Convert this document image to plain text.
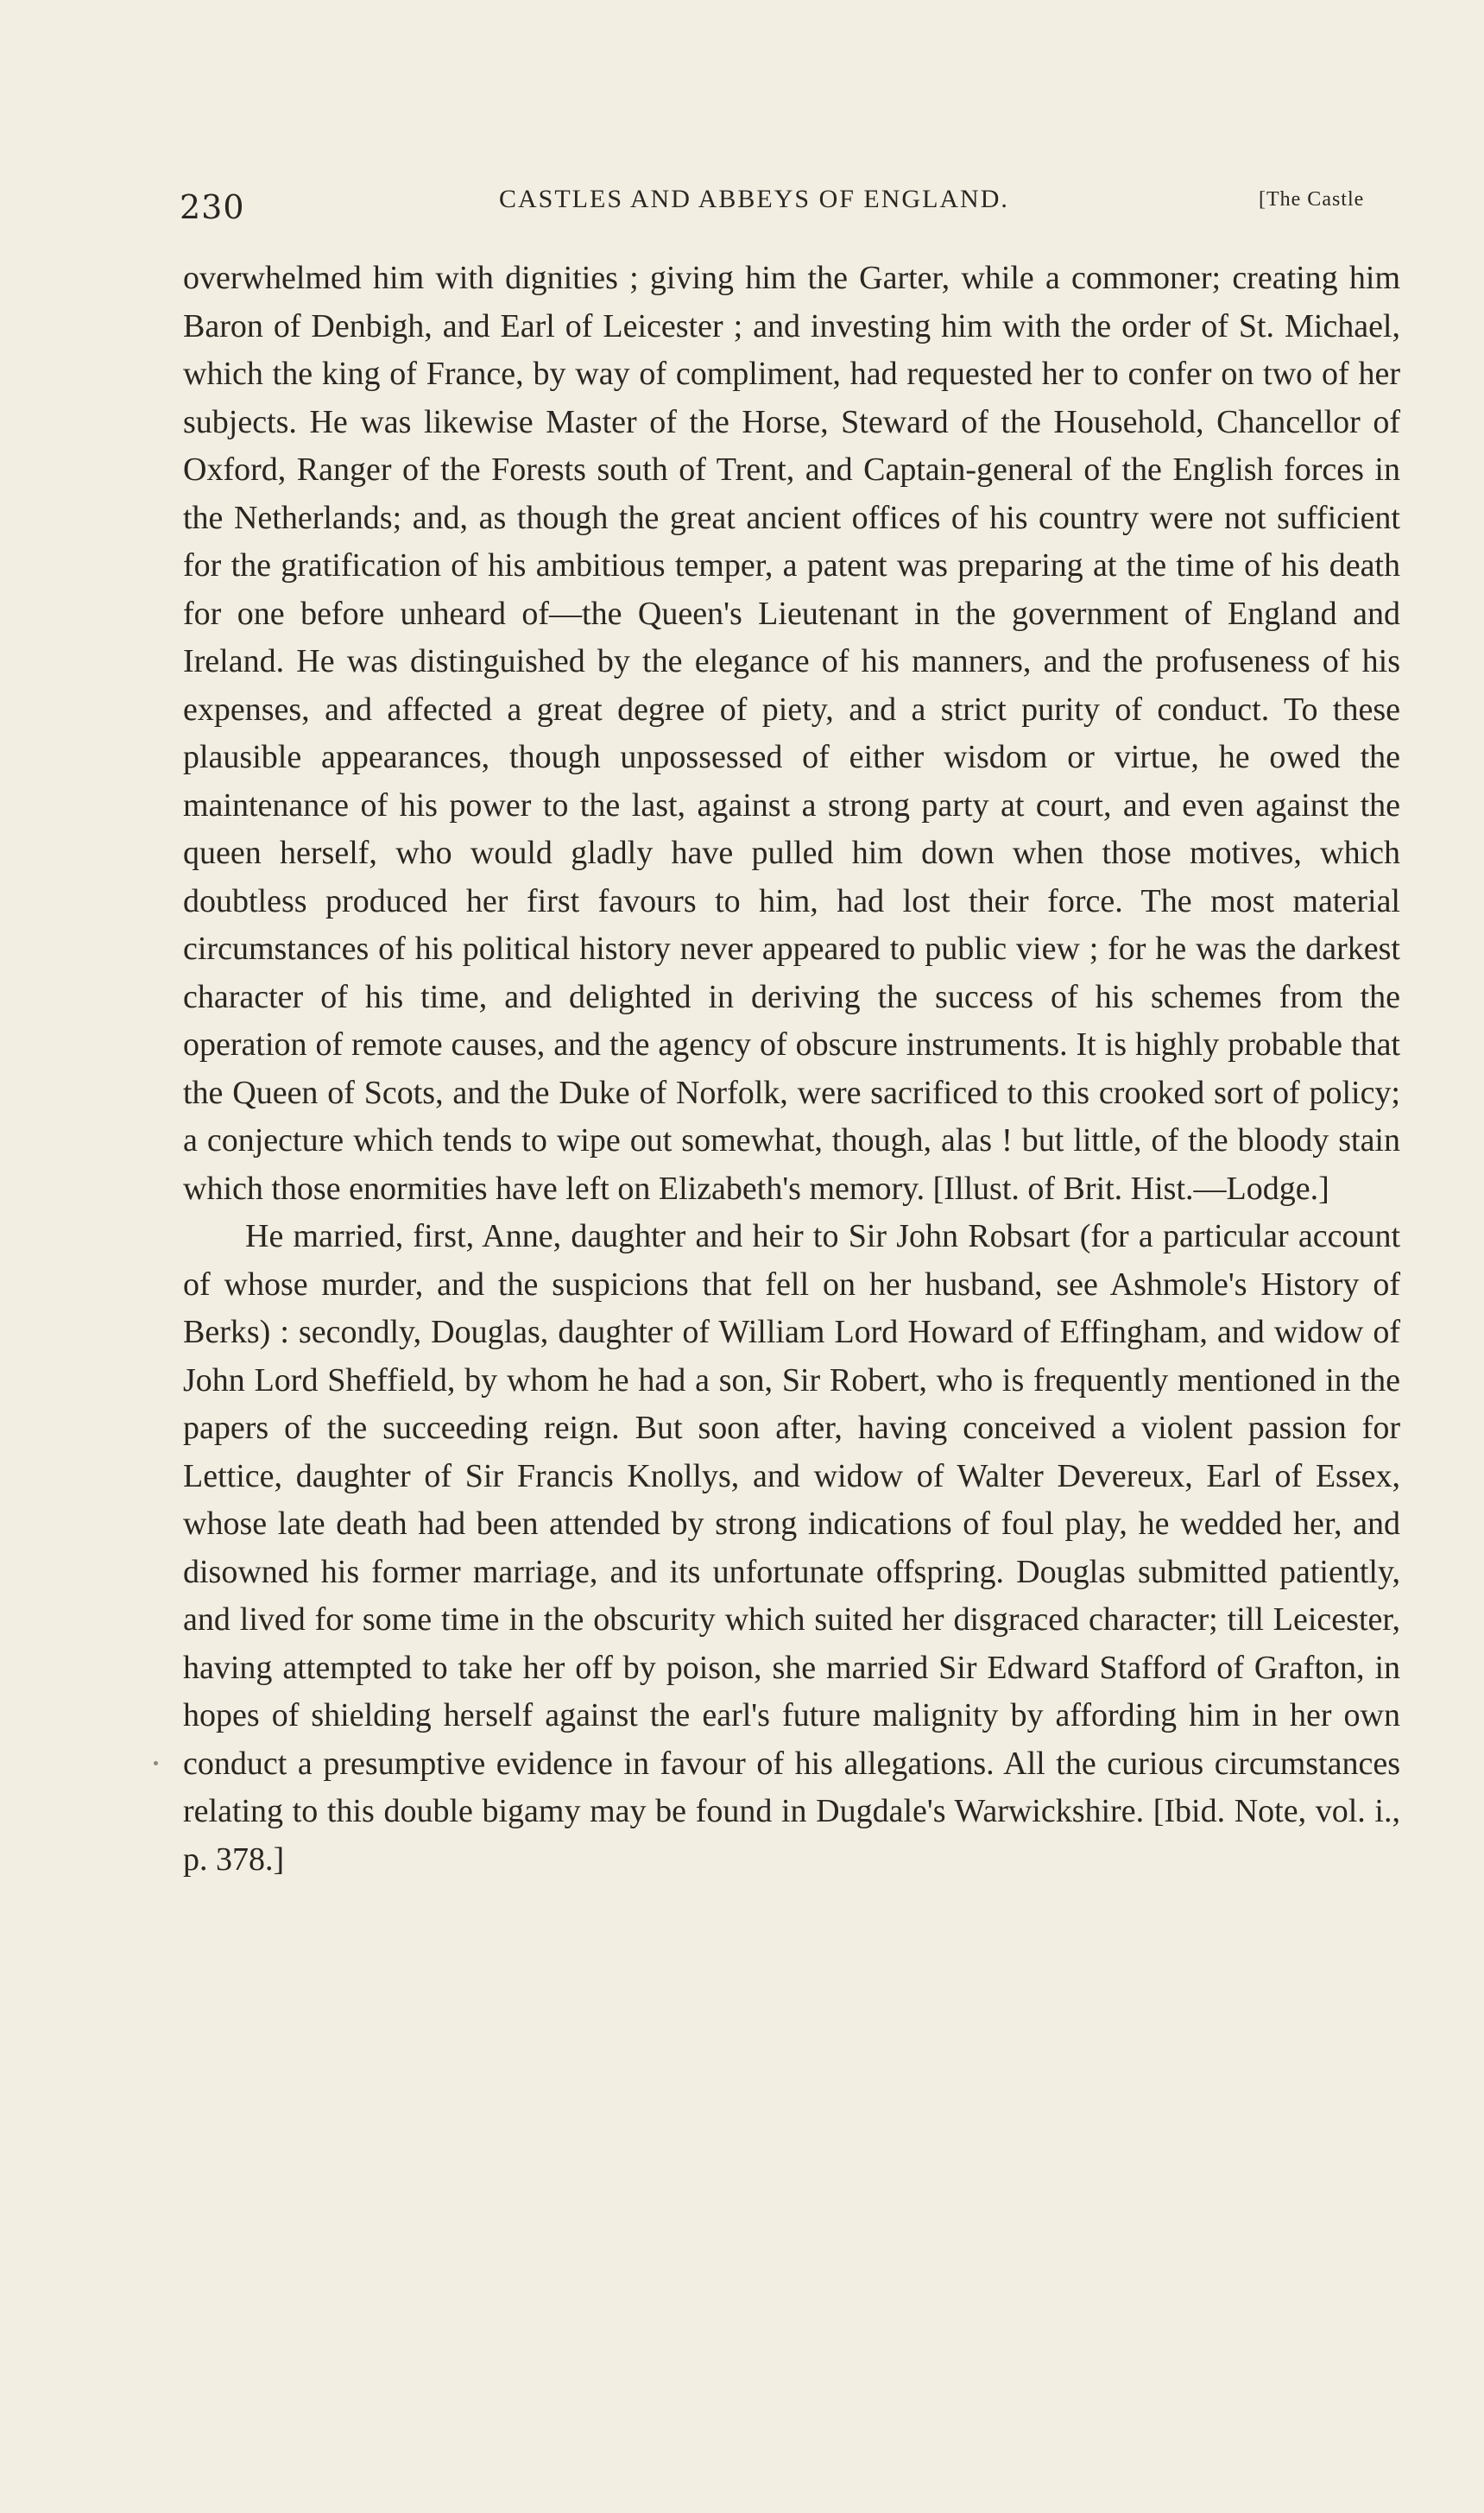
230	CASTLES AND ABBEYS OF ENGLAND.	[The Castle

overwhelmed him with dignities ; giving him the Garter, while a commoner; creating him Baron of Denbigh, and Earl of Leicester ; and investing him with the order of St. Michael, which the king of France, by way of compliment, had requested her to confer on two of her subjects. He was likewise Master of the Horse, Steward of the Household, Chancellor of Oxford, Ranger of the Forests south of Trent, and Captain-general of the English forces in the Netherlands; and, as though the great ancient offices of his country were not sufficient for the gratification of his ambitious temper, a patent was preparing at the time of his death for one before unheard of—the Queen's Lieutenant in the government of England and Ireland. He was distinguished by the elegance of his manners, and the profuseness of his expenses, and affected a great degree of piety, and a strict purity of conduct. To these plausible appearances, though unpossessed of either wisdom or virtue, he owed the maintenance of his power to the last, against a strong party at court, and even against the queen herself, who would gladly have pulled him down when those motives, which doubtless produced her first favours to him, had lost their force. The most material circumstances of his political history never appeared to public view ; for he was the darkest character of his time, and delighted in deriving the success of his schemes from the operation of remote causes, and the agency of obscure instruments. It is highly probable that the Queen of Scots, and the Duke of Norfolk, were sacrificed to this crooked sort of policy; a conjecture which tends to wipe out somewhat, though, alas ! but little, of the bloody stain which those enormities have left on Elizabeth's memory. [Illust. of Brit. Hist.—Lodge.]

He married, first, Anne, daughter and heir to Sir John Robsart (for a particular account of whose murder, and the suspicions that fell on her husband, see Ashmole's History of Berks) : secondly, Douglas, daughter of William Lord Howard of Effingham, and widow of John Lord Sheffield, by whom he had a son, Sir Robert, who is frequently mentioned in the papers of the succeeding reign. But soon after, having conceived a violent passion for Lettice, daughter of Sir Francis Knollys, and widow of Walter Devereux, Earl of Essex, whose late death had been attended by strong indications of foul play, he wedded her, and disowned his former marriage, and its unfortunate offspring. Douglas submitted patiently, and lived for some time in the obscurity which suited her disgraced character; till Leicester, having attempted to take her off by poison, she married Sir Edward Stafford of Grafton, in hopes of shielding herself against the earl's future malignity by affording him in her own conduct a presumptive evidence in favour of his allegations. All the curious circumstances relating to this double bigamy may be found in Dugdale's Warwickshire. [Ibid. Note, vol. i., p. 378.]
